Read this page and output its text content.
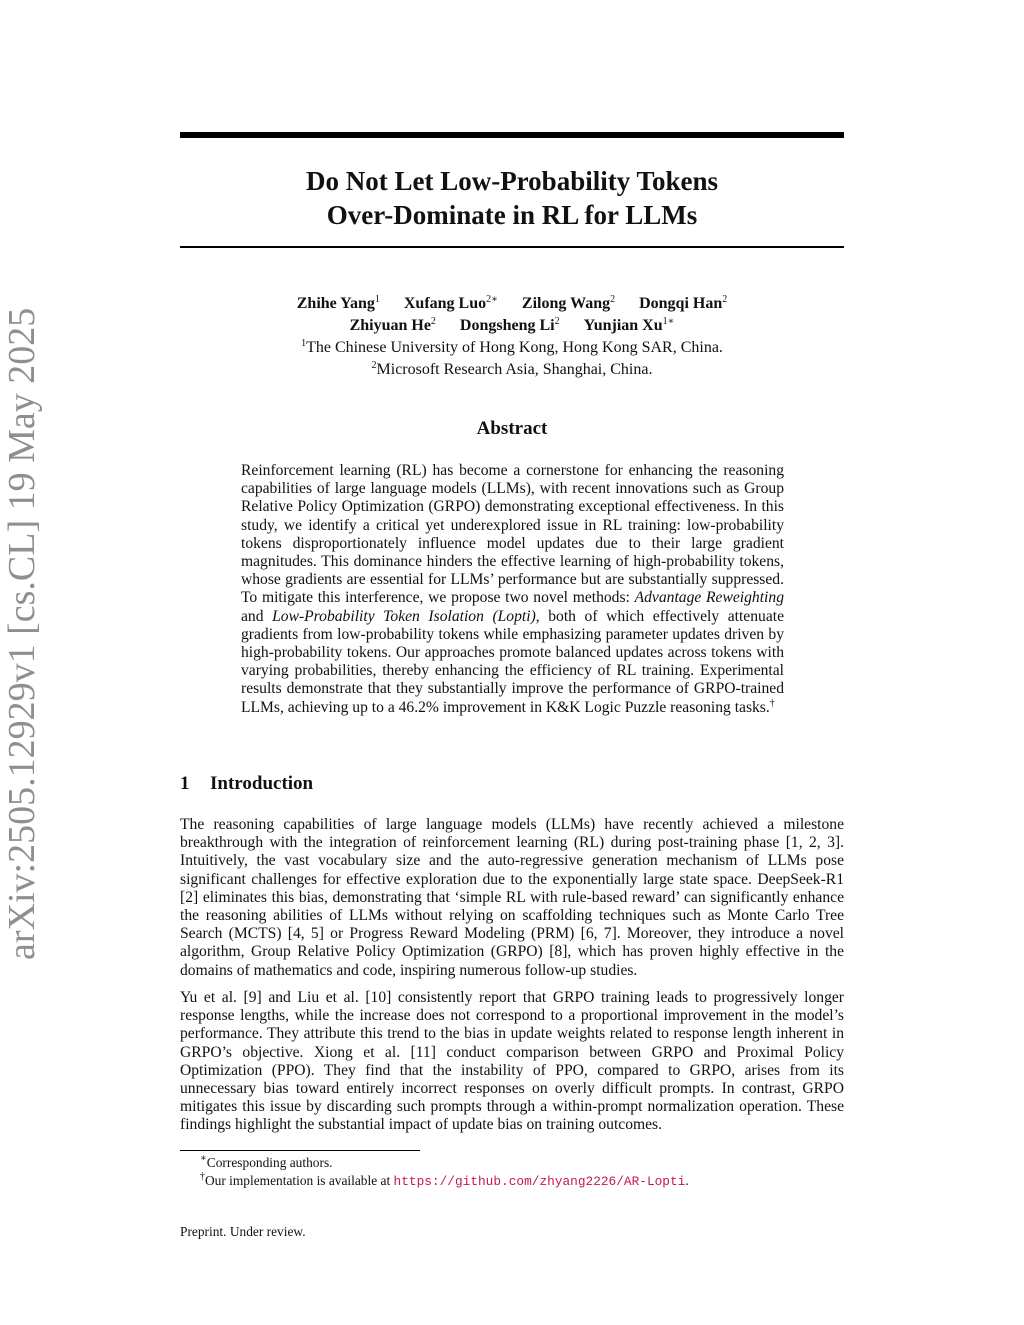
arXiv:2505.12929v1 [cs.CL] 19 May 2025
Do Not Let Low-Probability Tokens
Over-Dominate in RL for LLMs
Zhihe Yang$^1$ Xufang Luo$^{2∗}$ Zilong Wang$^2$ Dongqi Han$^2$
Zhiyuan He$^2$ Dongsheng Li$^2$ Yunjian $Xu^{1∗}$
$^1$The Chinese University of Hong Kong, Hong Kong SAR, China.
$^2$Microsoft Research Asia, Shanghai, China.
Abstract
Reinforcement learning (RL) has become a cornerstone for enhancing the reasoning capabilities of large language models (LLMs), with recent innovations such as Group Relative Policy Optimization (GRPO) demonstrating exceptional effectiveness. In this study, we identify a critical yet underexplored issue in RL training: low-probability tokens disproportionately influence model updates due to their large gradient magnitudes. This dominance hinders the effective learning of high-probability tokens, whose gradients are essential for LLMs’ performance but are substantially suppressed. To mitigate this interference, we propose two novel methods: Advantage Reweighting and Low-Probability Token Isolation (Lopti), both of which effectively attenuate gradients from low-probability tokens while emphasizing parameter updates driven by high-probability tokens. Our approaches promote balanced updates across tokens with varying probabilities, thereby enhancing the efficiency of RL training. Experimental results demonstrate that they substantially improve the performance of GRPO-trained LLMs, achieving up to a 46.2% improvement in K&K Logic Puzzle reasoning tasks.†
1 Introduction
The reasoning capabilities of large language models (LLMs) have recently achieved a milestone breakthrough with the integration of reinforcement learning (RL) during post-training phase [1, 2, 3]. Intuitively, the vast vocabulary size and the auto-regressive generation mechanism of LLMs pose significant challenges for effective exploration due to the exponentially large state space. DeepSeek-R1 [2] eliminates this bias, demonstrating that ‘simple RL with rule-based reward’ can significantly enhance the reasoning abilities of LLMs without relying on scaffolding techniques such as Monte Carlo Tree Search (MCTS) [4, 5] or Progress Reward Modeling (PRM) [6, 7]. Moreover, they introduce a novel algorithm, Group Relative Policy Optimization (GRPO) [8], which has proven highly effective in the domains of mathematics and code, inspiring numerous follow-up studies.
Yu et al. [9] and Liu et al. [10] consistently report that GRPO training leads to progressively longer response lengths, while the increase does not correspond to a proportional improvement in the model’s performance. They attribute this trend to the bias in update weights related to response length inherent in GRPO’s objective. Xiong et al. [11] conduct comparison between GRPO and Proximal Policy Optimization (PPO). They find that the instability of PPO, compared to GRPO, arises from its unnecessary bias toward entirely incorrect responses on overly difficult prompts. In contrast, GRPO mitigates this issue by discarding such prompts through a within-prompt normalization operation. These findings highlight the substantial impact of update bias on training outcomes.
∗Corresponding authors.
†Our implementation is available at https://github.com/zhyang2226/AR-Lopti.
Preprint. Under review.
